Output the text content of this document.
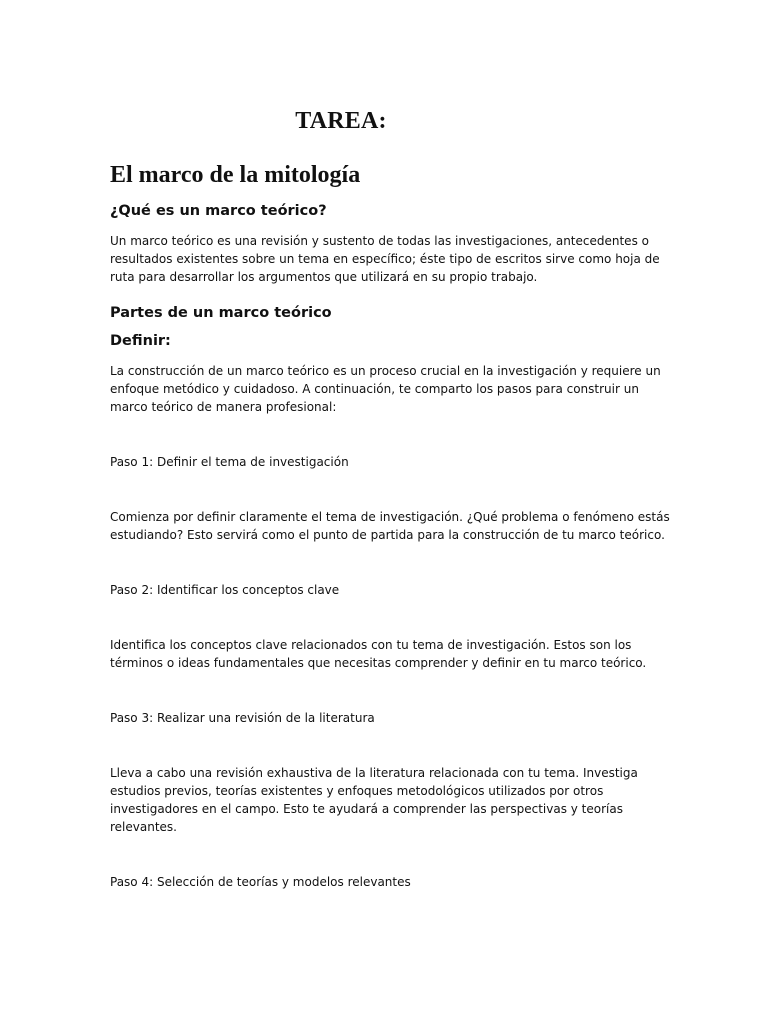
TAREA:
El marco de la mitología
¿Qué es un marco teórico?

Un marco teórico es una revisión y sustento de todas las investigaciones, antecedentes o resultados existentes sobre un tema en específico; éste tipo de escritos sirve como hoja de ruta para desarrollar los argumentos que utilizará en su propio trabajo.

Partes de un marco teórico
Definir:

La construcción de un marco teórico es un proceso crucial en la investigación y requiere un enfoque metódico y cuidadoso. A continuación, te comparto los pasos para construir un marco teórico de manera profesional:

Paso 1: Definir el tema de investigación

Comienza por definir claramente el tema de investigación. ¿Qué problema o fenómeno estás estudiando? Esto servirá como el punto de partida para la construcción de tu marco teórico.

Paso 2: Identificar los conceptos clave

Identifica los conceptos clave relacionados con tu tema de investigación. Estos son los términos o ideas fundamentales que necesitas comprender y definir en tu marco teórico.

Paso 3: Realizar una revisión de la literatura

Lleva a cabo una revisión exhaustiva de la literatura relacionada con tu tema. Investiga estudios previos, teorías existentes y enfoques metodológicos utilizados por otros investigadores en el campo. Esto te ayudará a comprender las perspectivas y teorías relevantes.

Paso 4: Selección de teorías y modelos relevantes
